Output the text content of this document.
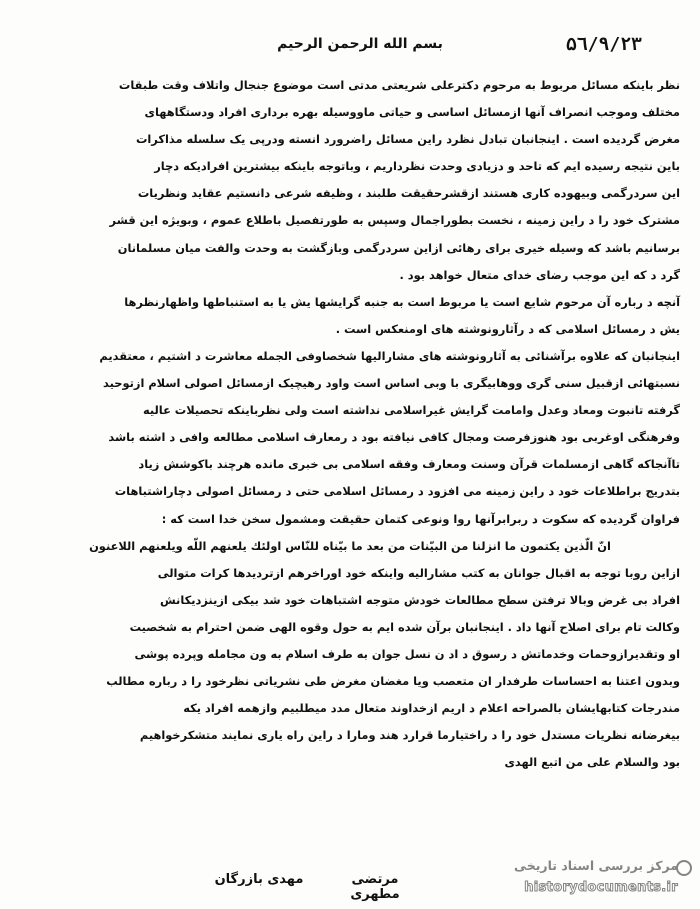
۵٦/٩/٢٣
بسم الله الرحمن الرحيم

نظر باینکه مسائل مربوط به مرحوم دکترعلی شریعتی مدتی است موضوع جنجال واتلاف وقت طبقات

مختلف وموجب انصراف آنها ازمسائل اساسی و حیاتی ماووسیله بهره برداری افراد ودستگاههای

مغرض گردیده است . اینجانبان تبادل نظرد راین مسائل راضرورد انسته ودرپی یک سلسله مذاکرات

باین نتیجه رسیده ایم که تاحد و دزیادی وحدت نظرداریم ، وباتوجه باینکه بیشترین افرادیکه دچار

این سردرگمی وبیهوده کاری هستند ازقشرحقیقت طلبند ، وظیفه شرعی دانستیم عقاید ونظریات

مشترک خود را د راین زمینه ، نخست بطوراجمال وسپس به طورتفصیل باطلاع عموم ، وبویژه این قشر

برسانیم باشد که وسیله خیری برای رهائی ازاین سردرگمی وبازگشت به وحدت والفت میان مسلمانان

گرد د که این موجب رضای خدای متعال خواهد بود .

آنچه د رباره آن مرحوم شایع است یا مربوط است به جنبه گرایشها یش یا به استنباطها واظهارنظرها

یش د رمسائل اسلامی که د رآثارونوشته های اومنعکس است .

اینجانبان که علاوه برآشنائی به آثارونوشته های مشارالیها شخصاوفی الجمله معاشرت د اشتیم ، معتقدیم

نسبتهائی ازقبیل سنی گری ووهابیگری با وبی اساس است واود رهیچیک ازمسائل اصولی اسلام ازتوحید

گرفته تانبوت ومعاد وعدل وامامت گرایش غیراسلامی نداشته است ولی نظرباینکه تحصیلات عالیه

وفرهنگی اوغربی بود هنوزفرصت ومجال کافی نیافته بود د رمعارف اسلامی مطالعه وافی د اشته باشد

تاآنجاکه گاهی ازمسلمات قرآن وسنت ومعارف وفقه اسلامی بی خبری مانده هرچند باکوشش زیاد

بتدریج براطلاعات خود د راین زمینه می افزود د رمسائل اسلامی حتی د رمسائل اصولی دچاراشتباهات

فراوان گردیده که سکوت د ربرابرآنها روا ونوعی کتمان حقیقت ومشمول سخن خدا است که :

انّ الّذین یکتمون ما انزلنا من البیّنات من بعد ما بیّناه للنّاس اولئك یلعنهم اللّه ویلعنهم اللاعنون

ازاین روبا توجه به اقبال جوانان به کتب مشارالیه واینکه خود اوراخرهم ازتردیدها کرات متوالی

افراد بی غرض وبالا ترفتن سطح مطالعات خودش متوجه اشتباهات خود شد بیکی ازینزدیکانش

وکالت تام برای اصلاح آنها داد . اینجانبان برآن شده ایم به حول وقوه الهی ضمن احترام به شخصیت

او وتقدیرازوحمات وخدماتش د رسوق د اد ن نسل جوان به طرف اسلام به ون مجامله وپرده پوشی

وبدون اعتنا به احساسات طرفدار ان متعصب ویا مغضان مغرض طی نشریاتی نظرخود را د رباره مطالب

مندرجات کتابهایشان بالصراحه اعلام د اریم ازخداوند متعال مدد میطلبیم وازهمه افراد یکه

بیغرضانه نظریات مستدل خود را د راختیارما قرارد هند ومارا د راین راه یاری نمایند متشکرخواهیم

بود والسلام علی من اتبع الهدی

مرتضی مطهری
مهدی بازرگان
مرکز بررسی اسناد تاریخی
historydocuments.ir
